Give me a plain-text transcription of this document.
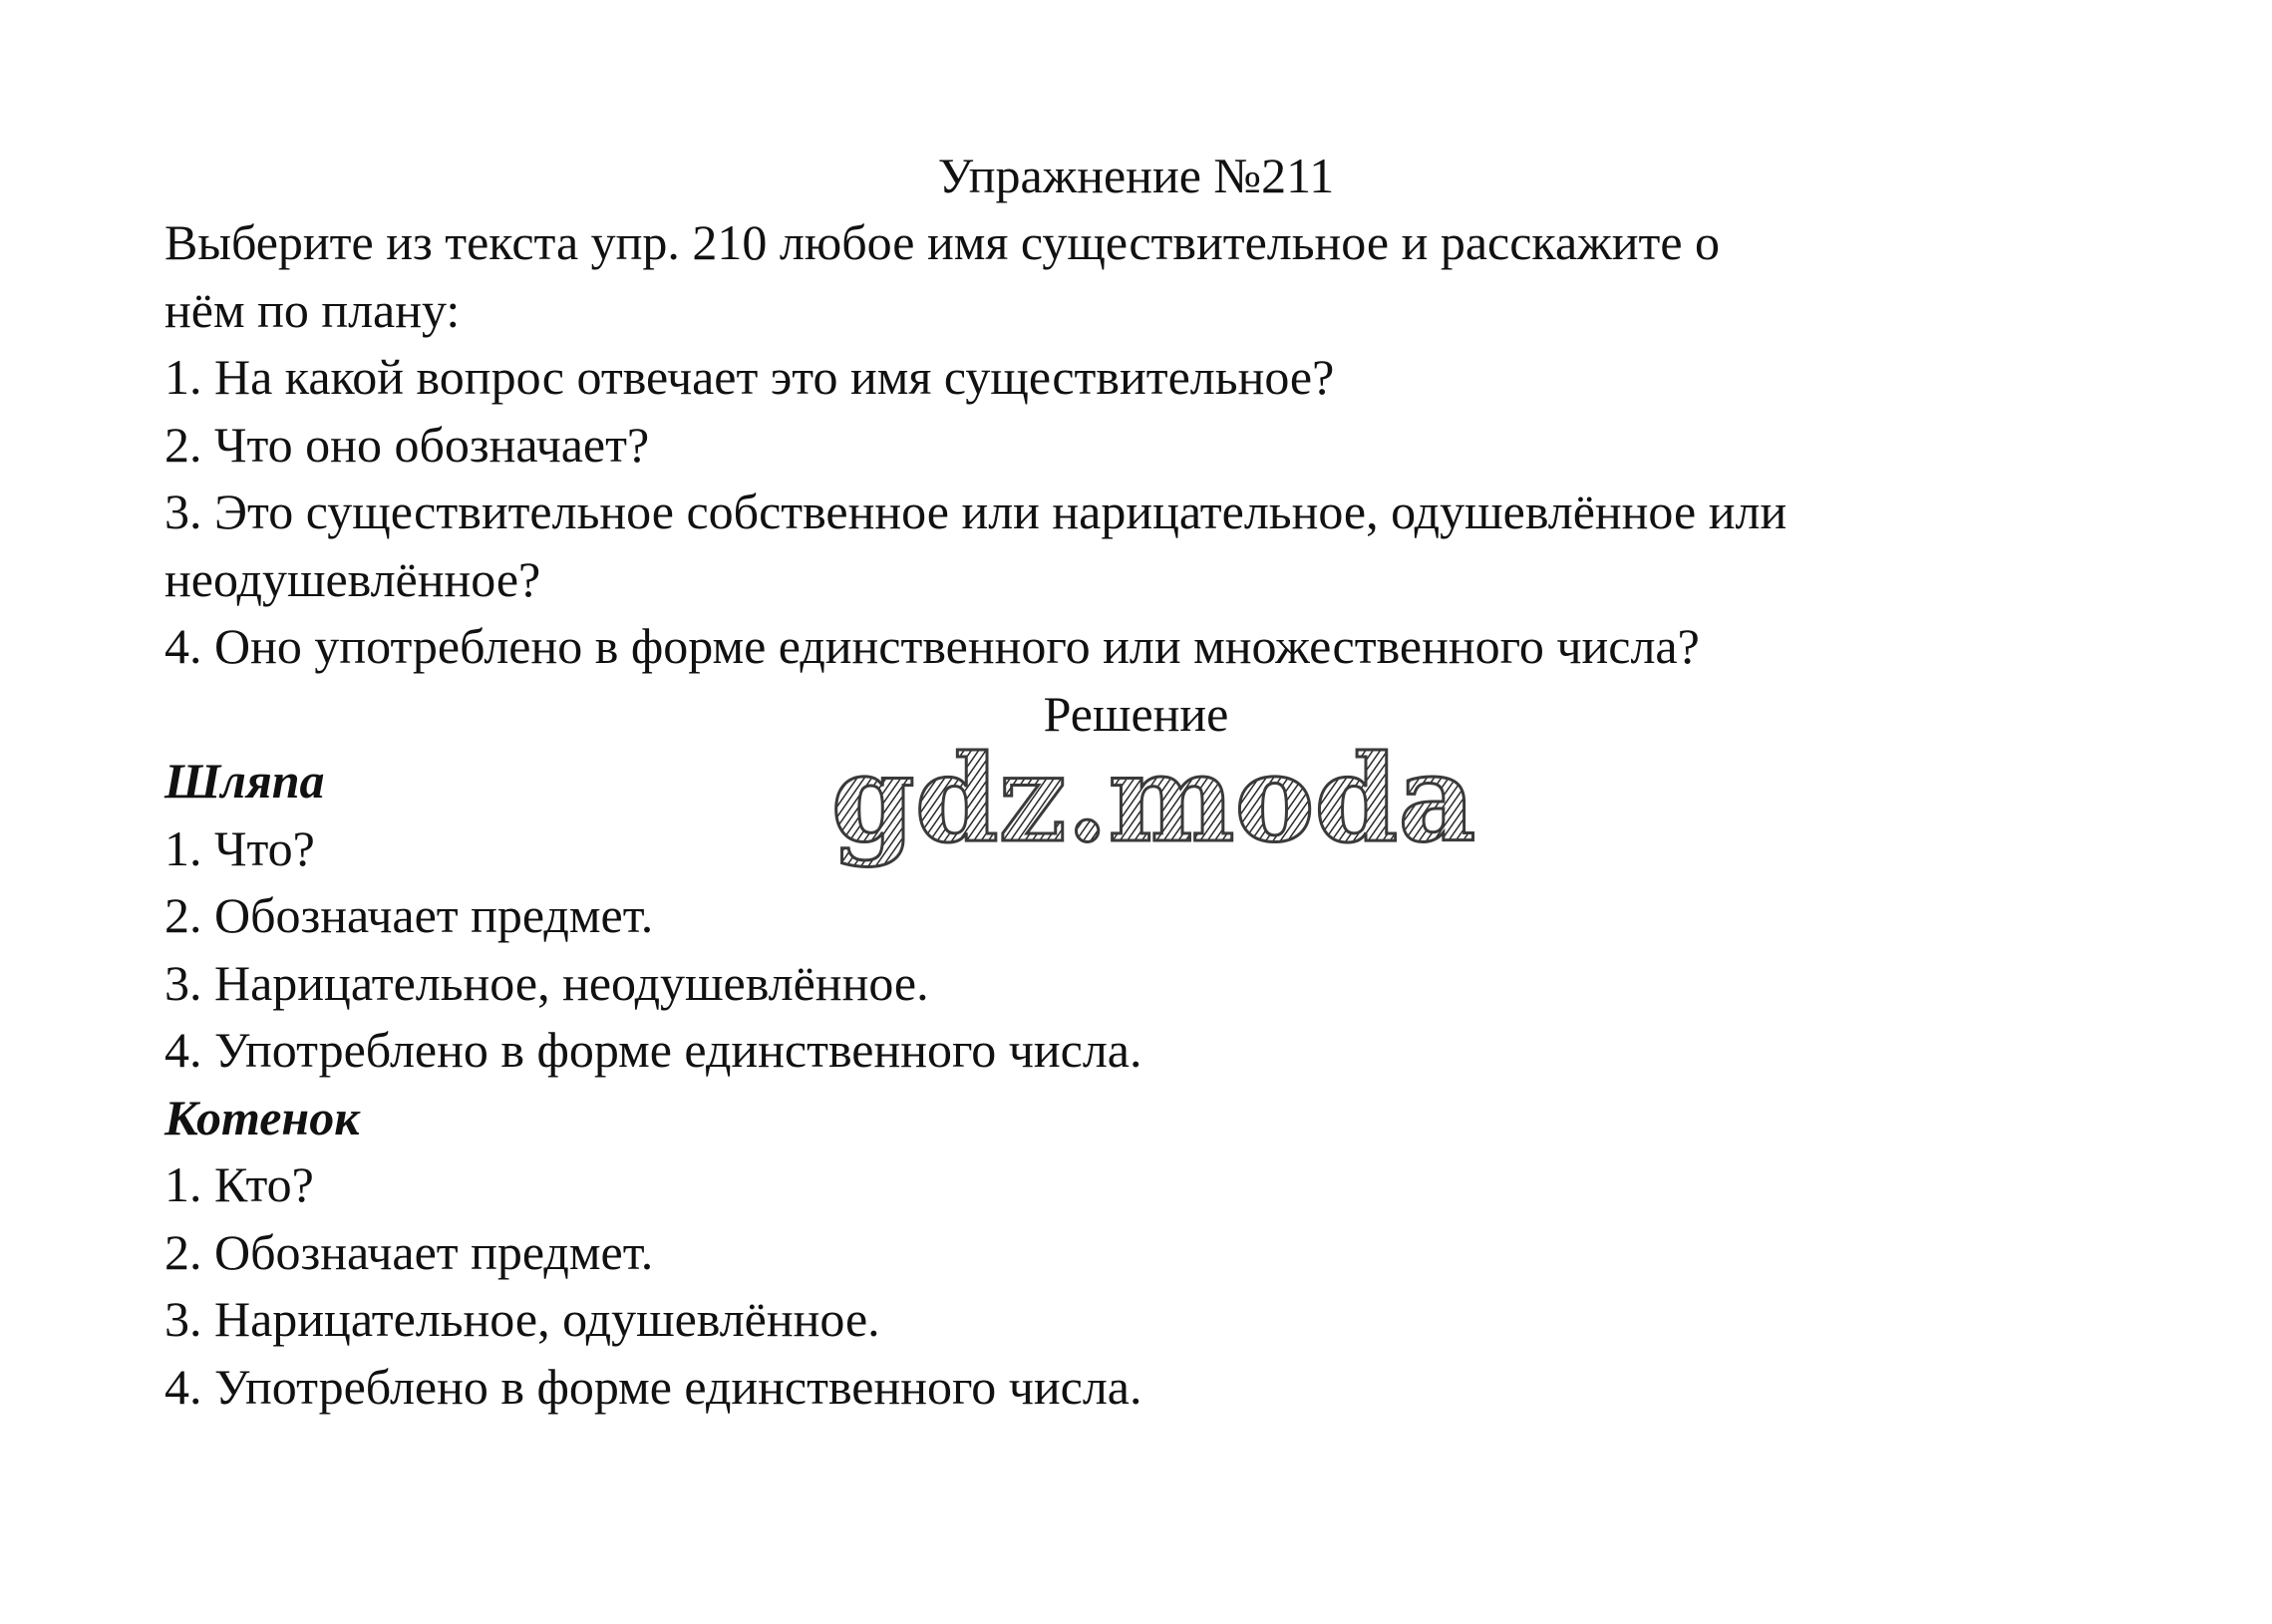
Упражнение №211
Выберите из текста упр. 210 любое имя существительное и расскажите о
нём по плану:
1. На какой вопрос отвечает это имя существительное?
2. Что оно обозначает?
3. Это существительное собственное или нарицательное, одушевлённое или
неодушевлённое?
4. Оно употреблено в форме единственного или множественного числа?
Решение
Шляпа
1. Что?
2. Обозначает предмет.
3. Нарицательное, неодушевлённое.
4. Употреблено в форме единственного числа.
Котенок
1. Кто?
2. Обозначает предмет.
3. Нарицательное, одушевлённое.
4. Употреблено в форме единственного числа.
gdz.moda
